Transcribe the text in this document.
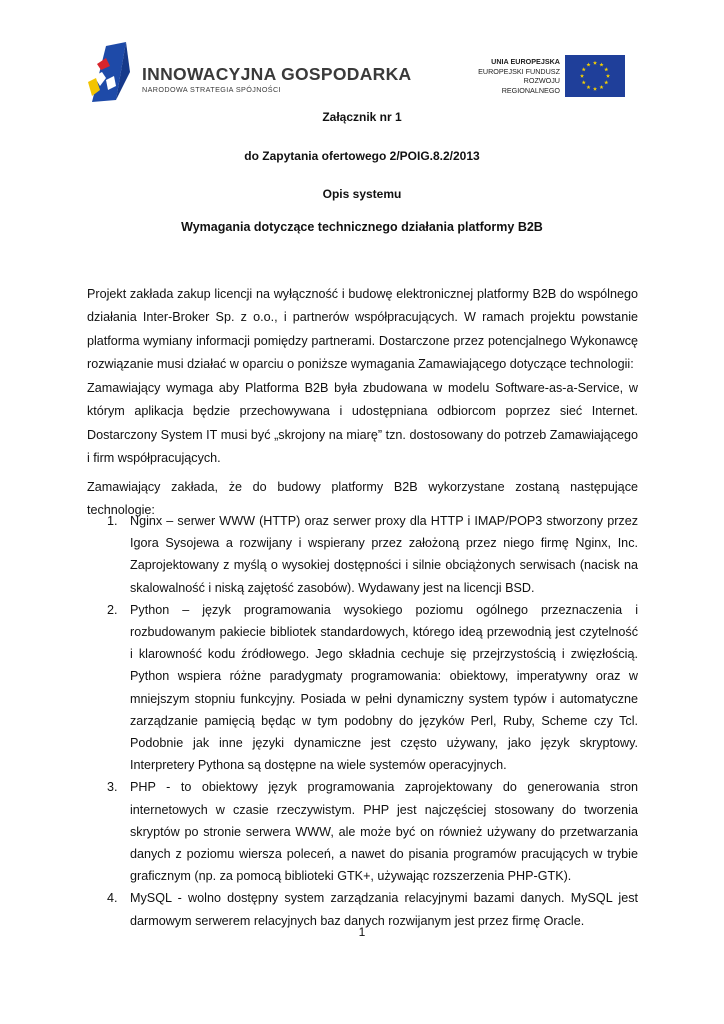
INNOWACYJNA GOSPODARKA
NARODOWA STRATEGIA SPÓJNOŚCI
UNIA EUROPEJSKA
EUROPEJSKI FUNDUSZ
ROZWOJU REGIONALNEGO
Załącznik nr 1
do Zapytania ofertowego 2/POIG.8.2/2013
Opis systemu
Wymagania dotyczące technicznego działania platformy B2B

Projekt zakłada zakup licencji na wyłączność i budowę elektronicznej platformy B2B do wspólnego działania Inter-Broker Sp. z o.o., i partnerów współpracujących. W ramach projektu powstanie platforma wymiany informacji pomiędzy partnerami. Dostarczone przez potencjalnego Wykonawcę rozwiązanie musi działać w oparciu o poniższe wymagania Zamawiającego dotyczące technologii:

Zamawiający wymaga aby Platforma B2B była zbudowana w modelu Software-as-a-Service, w którym aplikacja będzie przechowywana i udostępniana odbiorcom poprzez sieć Internet. Dostarczony System IT musi być „skrojony na miarę” tzn. dostosowany do potrzeb Zamawiającego i firm współpracujących.

Zamawiający zakłada, że do budowy platformy B2B wykorzystane zostaną następujące technologie:

1. Nginx – serwer WWW (HTTP) oraz serwer proxy dla HTTP i IMAP/POP3 stworzony przez Igora Sysojewa a rozwijany i wspierany przez założoną przez niego firmę Nginx, Inc. Zaprojektowany z myślą o wysokiej dostępności i silnie obciążonych serwisach (nacisk na skalowalność i niską zajętość zasobów). Wydawany jest na licencji BSD.
2. Python – język programowania wysokiego poziomu ogólnego przeznaczenia i rozbudowanym pakiecie bibliotek standardowych, którego ideą przewodnią jest czytelność i klarowność kodu źródłowego. Jego składnia cechuje się przejrzystością i zwięzłością. Python wspiera różne paradygmaty programowania: obiektowy, imperatywny oraz w mniejszym stopniu funkcyjny. Posiada w pełni dynamiczny system typów i automatyczne zarządzanie pamięcią będąc w tym podobny do języków Perl, Ruby, Scheme czy Tcl. Podobnie jak inne języki dynamiczne jest często używany, jako język skryptowy. Interpretery Pythona są dostępne na wiele systemów operacyjnych.
3. PHP - to obiektowy język programowania zaprojektowany do generowania stron internetowych w czasie rzeczywistym. PHP jest najczęściej stosowany do tworzenia skryptów po stronie serwera WWW, ale może być on również używany do przetwarzania danych z poziomu wiersza poleceń, a nawet do pisania programów pracujących w trybie graficznym (np. za pomocą biblioteki GTK+, używając rozszerzenia PHP-GTK).
4. MySQL - wolno dostępny system zarządzania relacyjnymi bazami danych. MySQL jest darmowym serwerem relacyjnych baz danych rozwijanym jest przez firmę Oracle.
1
